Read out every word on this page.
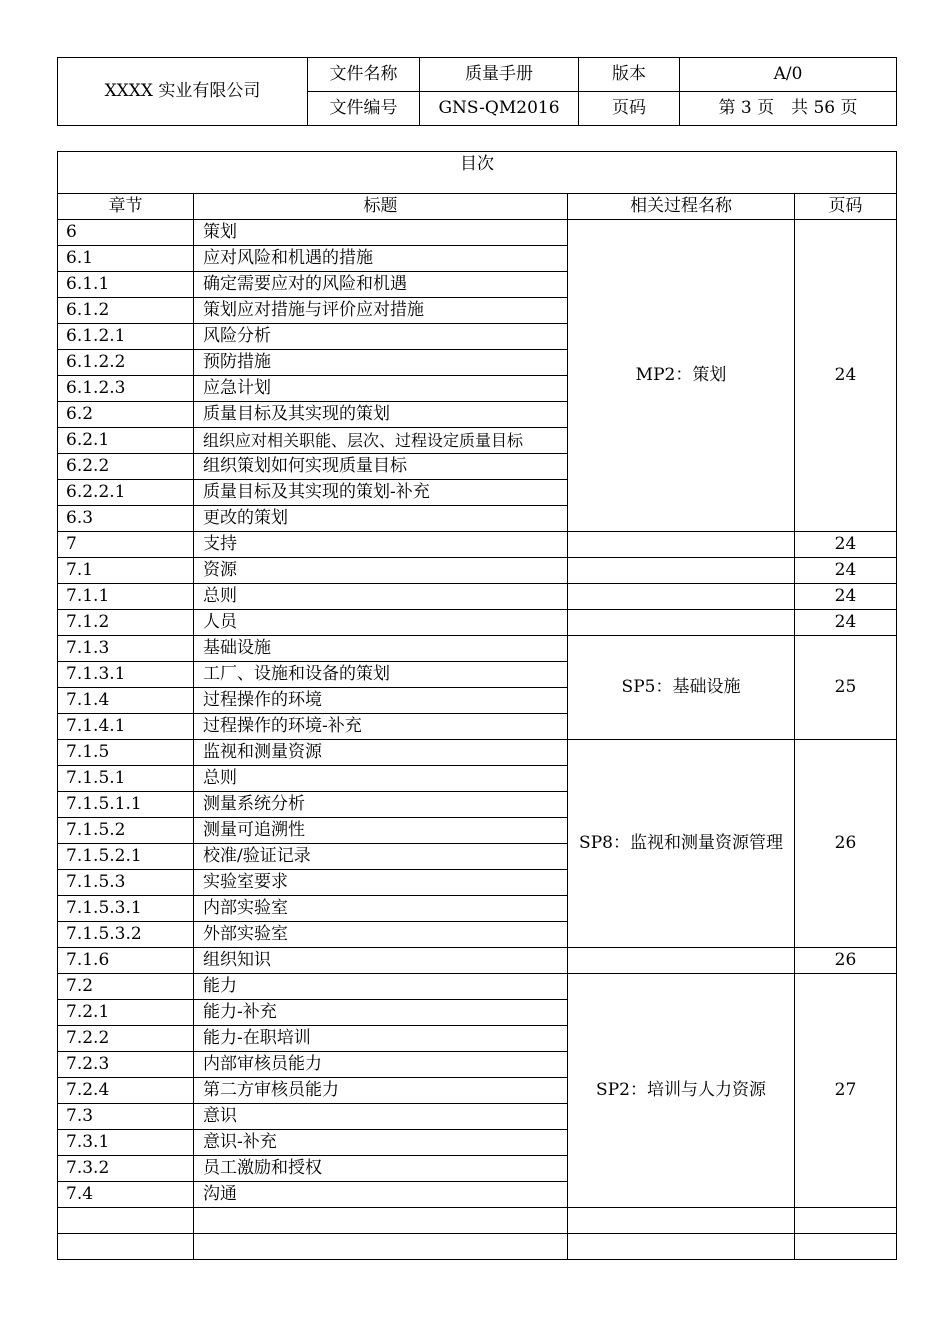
XXXX 实业有限公司	文件名称	质量手册	版本	A/0
	文件编号	GNS-QM2016	页码	第 3 页　共 56 页
目次			
章节	标题	相关过程名称	页码
6	策划	MP2：策划	24
6.1	应对风险和机遇的措施		
6.1.1	确定需要应对的风险和机遇		
6.1.2	策划应对措施与评价应对措施		
6.1.2.1	风险分析		
6.1.2.2	预防措施		
6.1.2.3	应急计划		
6.2	质量目标及其实现的策划		
6.2.1	组织应对相关职能、层次、过程设定质量目标		
6.2.2	组织策划如何实现质量目标		
6.2.2.1	质量目标及其实现的策划-补充		
6.3	更改的策划		
7	支持		24
7.1	资源		24
7.1.1	总则		24
7.1.2	人员		24
7.1.3	基础设施	SP5：基础设施	25
7.1.3.1	工厂、设施和设备的策划		
7.1.4	过程操作的环境		
7.1.4.1	过程操作的环境-补充		
7.1.5	监视和测量资源	SP8：监视和测量资源管理	26
7.1.5.1	总则		
7.1.5.1.1	测量系统分析		
7.1.5.2	测量可追溯性		
7.1.5.2.1	校准/验证记录		
7.1.5.3	实验室要求		
7.1.5.3.1	内部实验室		
7.1.5.3.2	外部实验室		
7.1.6	组织知识		26
7.2	能力	SP2：培训与人力资源	27
7.2.1	能力-补充		
7.2.2	能力-在职培训		
7.2.3	内部审核员能力		
7.2.4	第二方审核员能力		
7.3	意识		
7.3.1	意识-补充		
7.3.2	员工激励和授权		
7.4	沟通		
